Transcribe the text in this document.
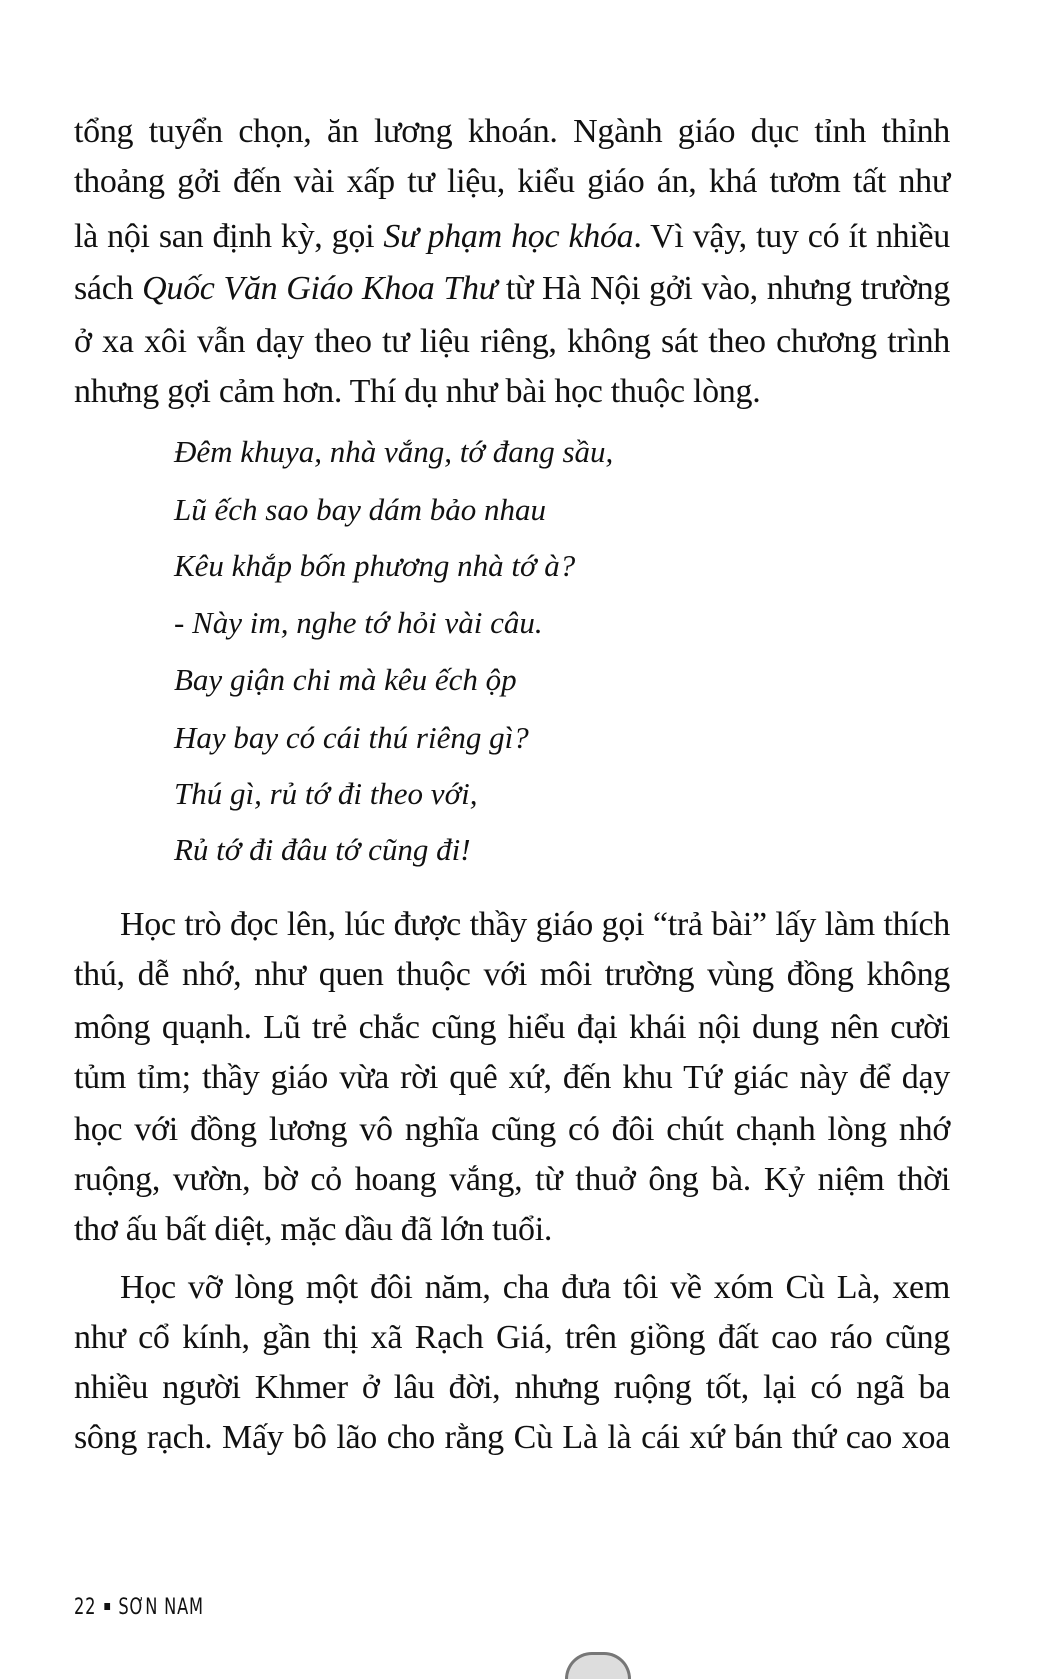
tổng tuyển chọn, ăn lương khoán. Ngành giáo dục tỉnh thỉnh
thoảng gởi đến vài xấp tư liệu, kiểu giáo án, khá tươm tất như
là nội san định kỳ, gọi Sư phạm học khóa. Vì vậy, tuy có ít nhiều
sách Quốc Văn Giáo Khoa Thư từ Hà Nội gởi vào, nhưng trường
ở xa xôi vẫn dạy theo tư liệu riêng, không sát theo chương trình
nhưng gợi cảm hơn. Thí dụ như bài học thuộc lòng.
Đêm khuya, nhà vắng, tớ đang sầu,
Lũ ếch sao bay dám bảo nhau
Kêu khắp bốn phương nhà tớ à?
- Này im, nghe tớ hỏi vài câu.
Bay giận chi mà kêu ếch ộp
Hay bay có cái thú riêng gì?
Thú gì, rủ tớ đi theo với,
Rủ tớ đi đâu tớ cũng đi!
Học trò đọc lên, lúc được thầy giáo gọi “trả bài” lấy làm thích
thú, dễ nhớ, như quen thuộc với môi trường vùng đồng không
mông quạnh. Lũ trẻ chắc cũng hiểu đại khái nội dung nên cười
tủm tỉm; thầy giáo vừa rời quê xứ, đến khu Tứ giác này để dạy
học với đồng lương vô nghĩa cũng có đôi chút chạnh lòng nhớ
ruộng, vườn, bờ cỏ hoang vắng, từ thuở ông bà. Kỷ niệm thời
thơ ấu bất diệt, mặc dầu đã lớn tuổi.
Học vỡ lòng một đôi năm, cha đưa tôi về xóm Cù Là, xem
như cổ kính, gần thị xã Rạch Giá, trên giồng đất cao ráo cũng
nhiều người Khmer ở lâu đời, nhưng ruộng tốt, lại có ngã ba
sông rạch. Mấy bô lão cho rằng Cù Là là cái xứ bán thứ cao xoa
22 SƠN NAM
